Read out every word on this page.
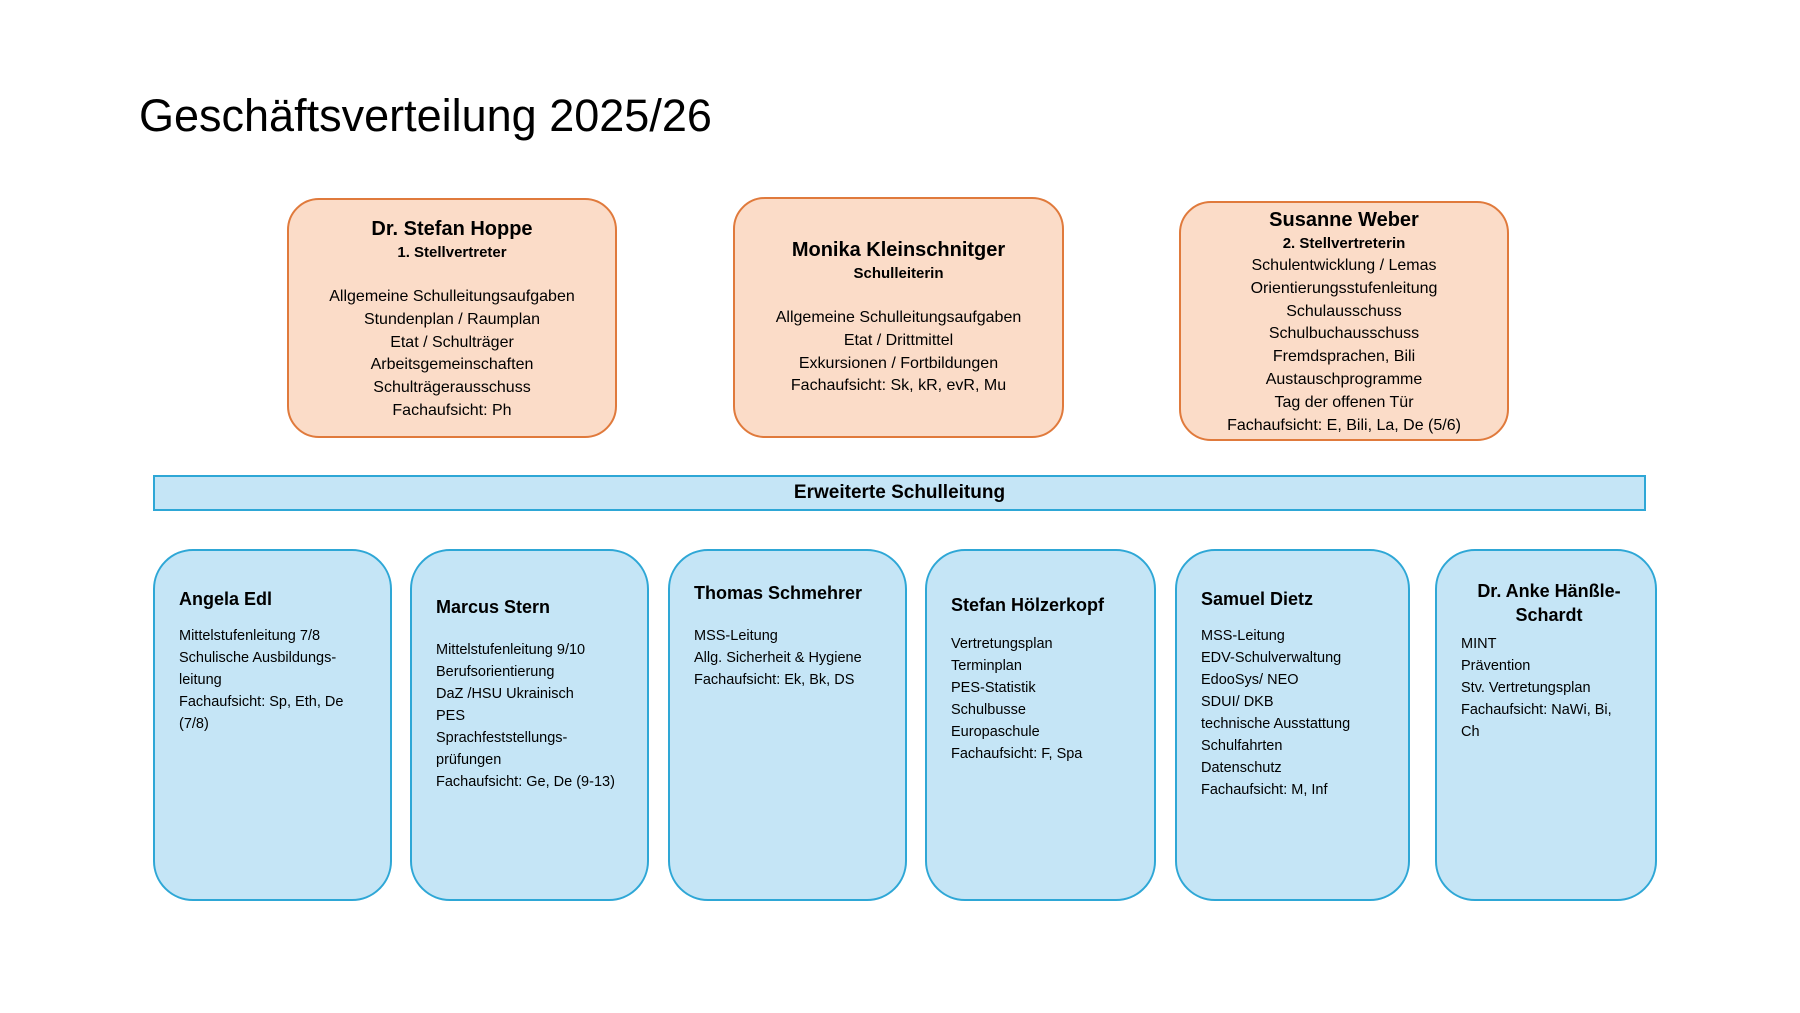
Geschäftsverteilung 2025/26
Dr. Stefan Hoppe
1. Stellvertreter
Allgemeine Schulleitungsaufgaben
Stundenplan / Raumplan
Etat / Schulträger
Arbeitsgemeinschaften
Schulträgerausschuss
Fachaufsicht: Ph
Monika Kleinschnitger
Schulleiterin
Allgemeine Schulleitungsaufgaben
Etat / Drittmittel
Exkursionen / Fortbildungen
Fachaufsicht: Sk, kR, evR, Mu
Susanne Weber
2. Stellvertreterin
Schulentwicklung / Lemas
Orientierungsstufenleitung
Schulausschuss
Schulbuchausschuss
Fremdsprachen, Bili
Austauschprogramme
Tag der offenen Tür
Fachaufsicht: E, Bili, La, De (5/6)
Erweiterte Schulleitung
Angela Edl
Mittelstufenleitung 7/8
Schulische Ausbildungs-
leitung
Fachaufsicht: Sp, Eth, De
(7/8)
Marcus Stern
Mittelstufenleitung 9/10
Berufsorientierung
DaZ /HSU Ukrainisch
PES
Sprachfeststellungs-
prüfungen
Fachaufsicht: Ge, De (9-13)
Thomas Schmehrer
MSS-Leitung
Allg. Sicherheit & Hygiene
Fachaufsicht: Ek, Bk, DS
Stefan Hölzerkopf
Vertretungsplan
Terminplan
PES-Statistik
Schulbusse
Europaschule
Fachaufsicht: F, Spa
Samuel Dietz
MSS-Leitung
EDV-Schulverwaltung
EdooSys/ NEO
SDUI/ DKB
technische Ausstattung
Schulfahrten
Datenschutz
Fachaufsicht: M, Inf
Dr. Anke Hänßle-Schardt
MINT
Prävention
Stv. Vertretungsplan
Fachaufsicht: NaWi, Bi,
Ch
